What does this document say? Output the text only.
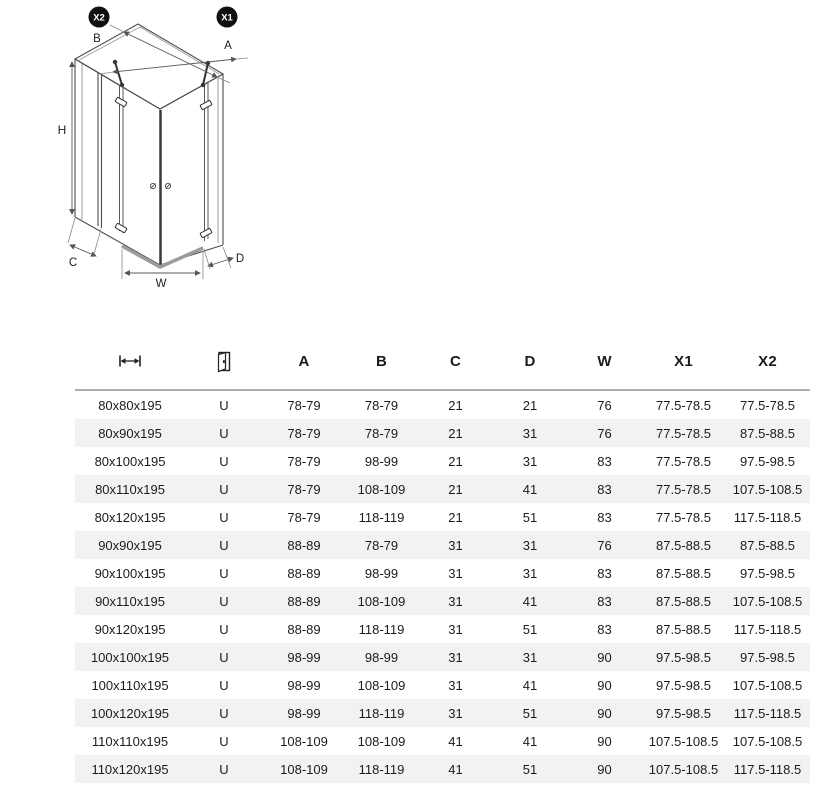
X2	X1
B
A
H
C	D
W
A	B	C	D	W	X1	X2
80x80x195	U	78-79	78-79	21	21	76	77.5-78.5	77.5-78.5
80x90x195	U	78-79	78-79	21	31	76	77.5-78.5	87.5-88.5
80x100x195	U	78-79	98-99	21	31	83	77.5-78.5	97.5-98.5
80x110x195	U	78-79	108-109	21	41	83	77.5-78.5	107.5-108.5
80x120x195	U	78-79	118-119	21	51	83	77.5-78.5	117.5-118.5
90x90x195	U	88-89	78-79	31	31	76	87.5-88.5	87.5-88.5
90x100x195	U	88-89	98-99	31	31	83	87.5-88.5	97.5-98.5
90x110x195	U	88-89	108-109	31	41	83	87.5-88.5	107.5-108.5
90x120x195	U	88-89	118-119	31	51	83	87.5-88.5	117.5-118.5
100x100x195	U	98-99	98-99	31	31	90	97.5-98.5	97.5-98.5
100x110x195	U	98-99	108-109	31	41	90	97.5-98.5	107.5-108.5
100x120x195	U	98-99	118-119	31	51	90	97.5-98.5	117.5-118.5
110x110x195	U	108-109	108-109	41	41	90	107.5-108.5	107.5-108.5
110x120x195	U	108-109	118-119	41	51	90	107.5-108.5	117.5-118.5
